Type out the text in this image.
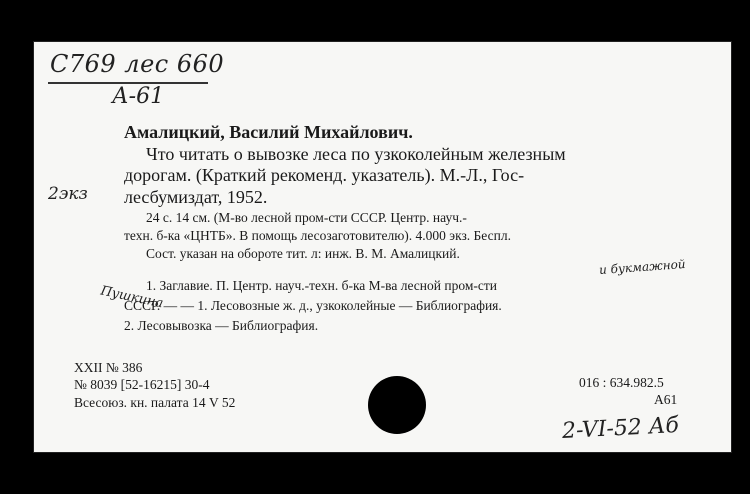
С769 лес 660
А-61
2экз
Амалицкий, Василий Михайлович.
Что читать о вывозке леса по узкоколейным железным
дорогам. (Краткий рекоменд. указатель). М.-Л., Гос-
лесбумиздат, 1952.
24 с. 14 см. (М-во лесной пром-сти СССР. Центр. науч.-
техн. б-ка «ЦНТБ». В помощь лесозаготовителю). 4.000 экз. Беспл.
Сост. указан на обороте тит. л: инж. В. М. Амалицкий.
и букмажной
Пушкина
1. Заглавие. П. Центр. науч.-техн. б-ка М-ва лесной пром-сти
СССР. — — 1. Лесовозные ж. д., узкоколейные — Библиография.
2. Лесовывозка — Библиография.
XXII № 386
№ 8039 [52-16215] 30-4
Всесоюз. кн. палата 14 V 52
016 : 634.982.5
А61
2-VI-52 Аб
